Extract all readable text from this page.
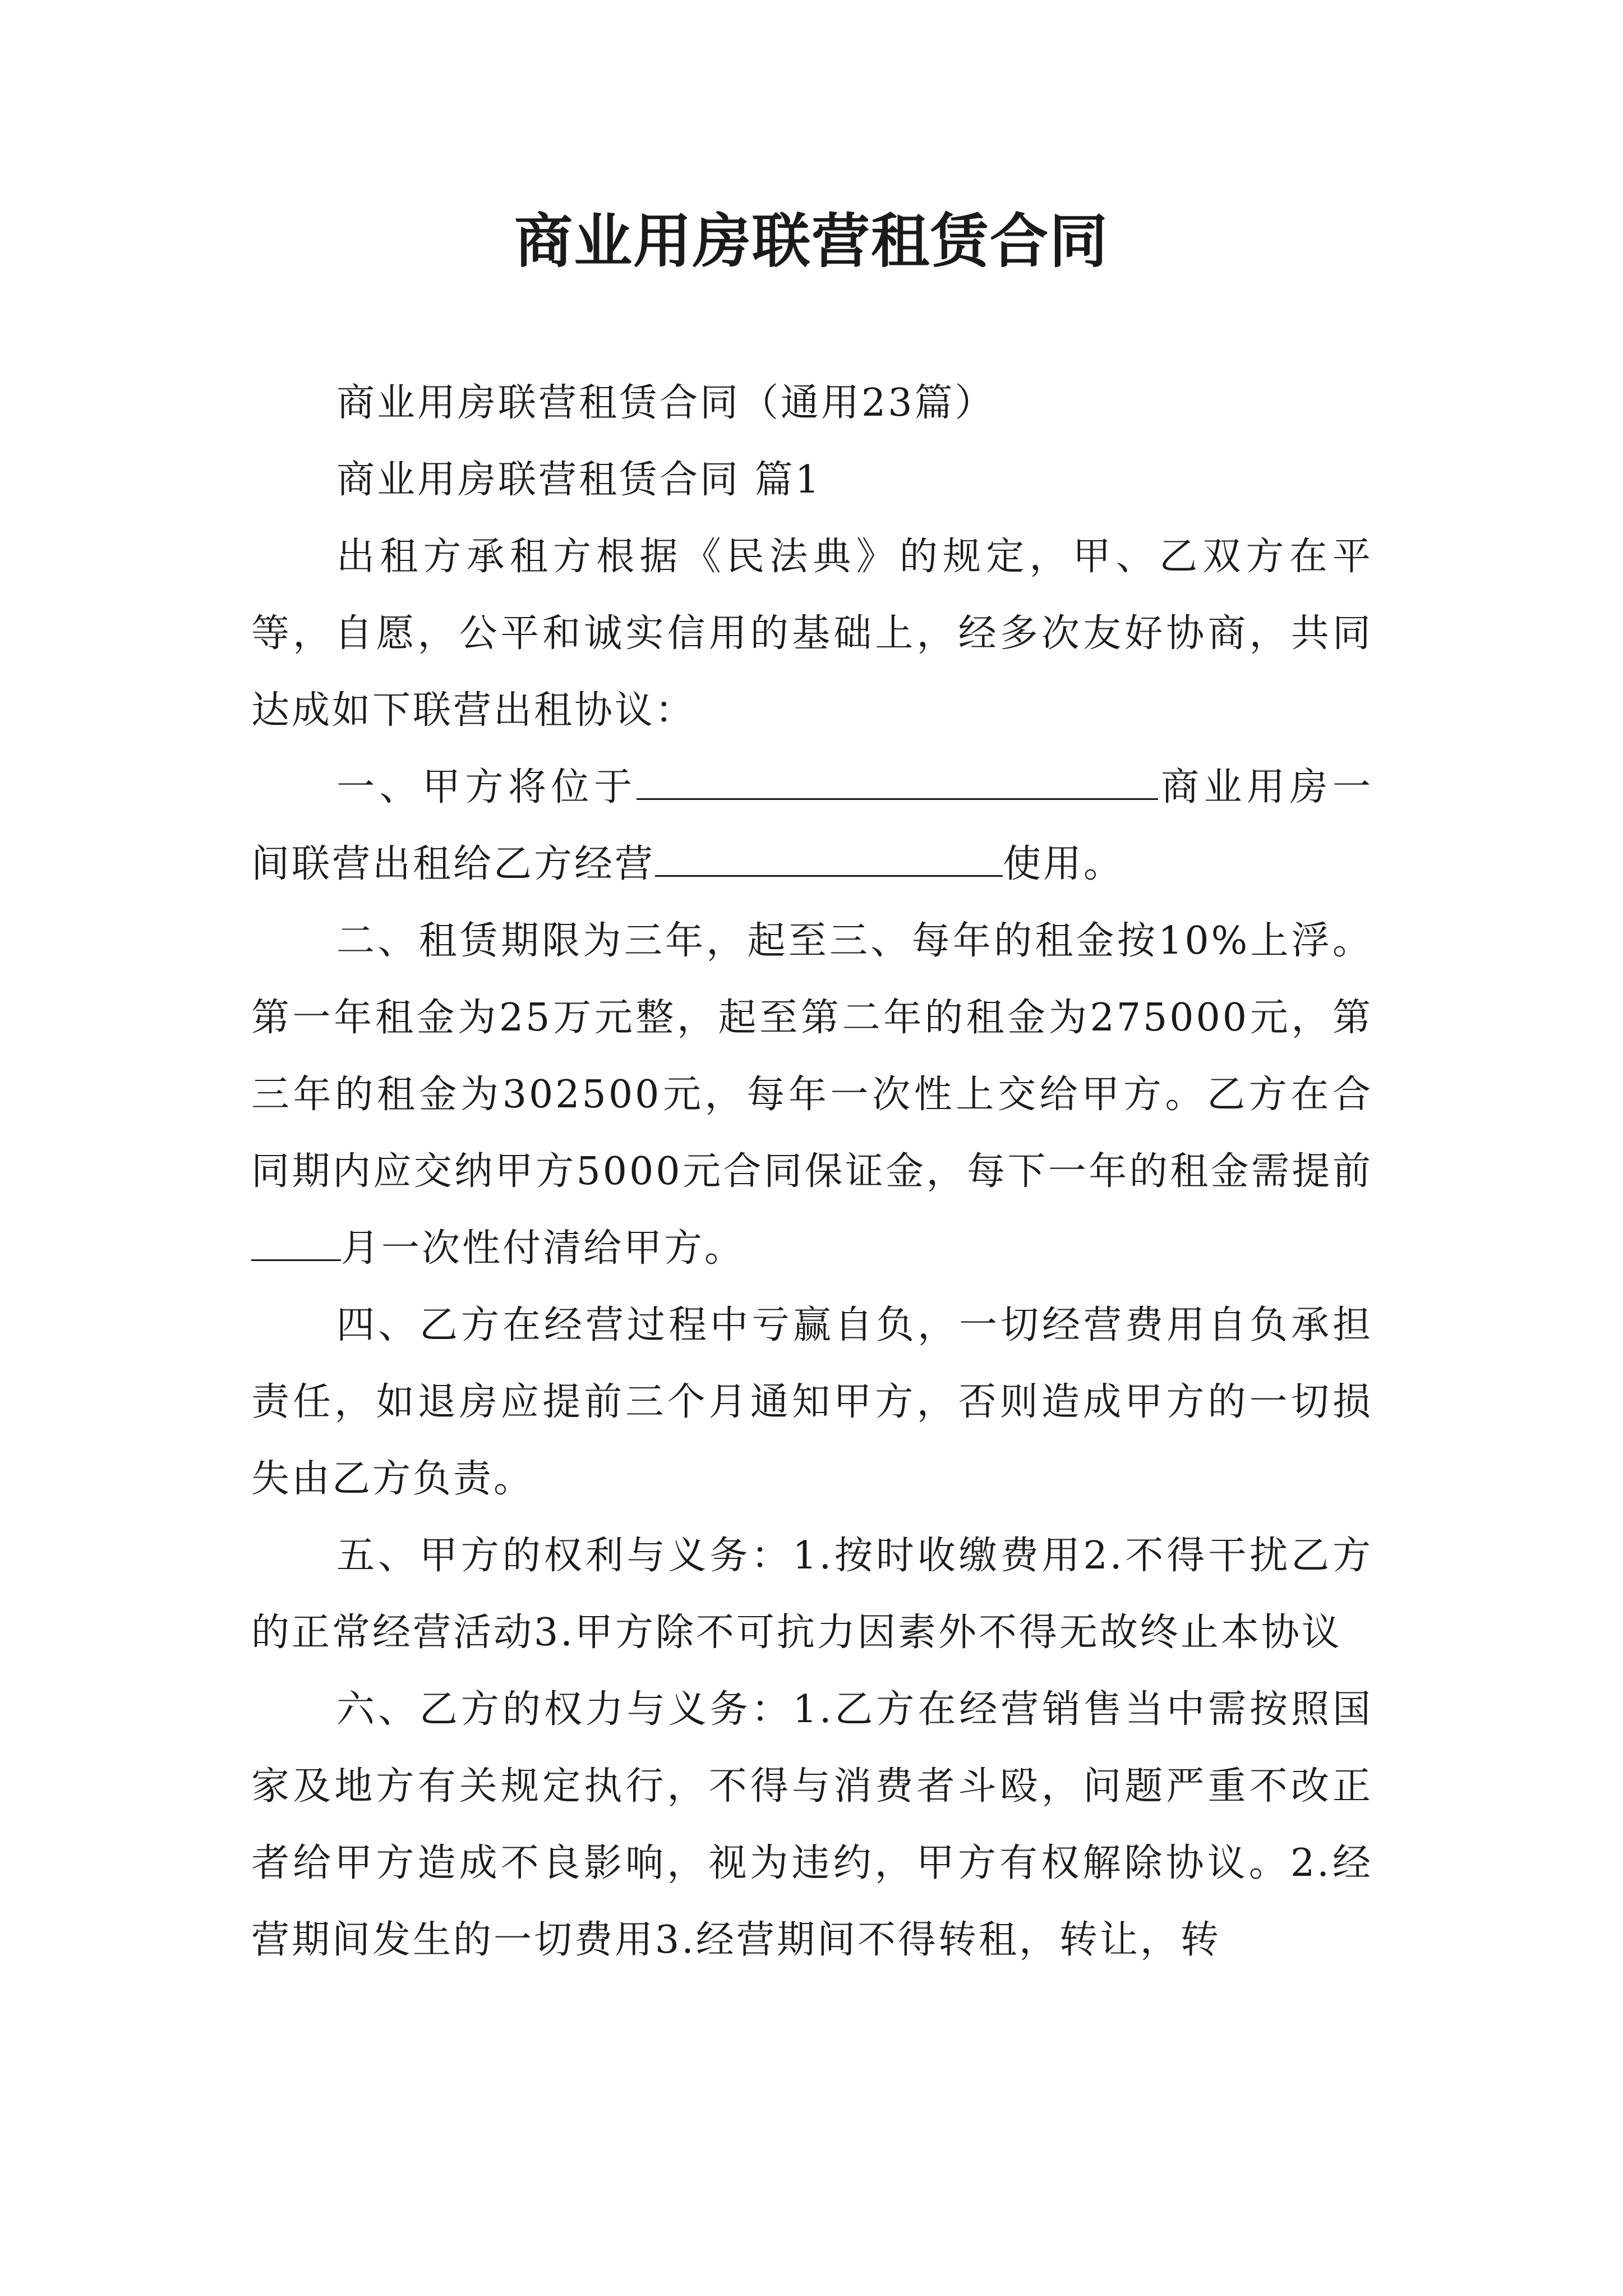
商业用房联营租赁合同

商业用房联营租赁合同（通用23篇）

商业用房联营租赁合同 篇1

出租方承租方根据《民法典》的规定，甲、乙双方在平等，自愿，公平和诚实信用的基础上，经多次友好协商，共同达成如下联营出租协议：

一、甲方将位于	商业用房一间联营出租给乙方经营	使用。

二、租赁期限为三年，起至三、每年的租金按10%上浮。第一年租金为25万元整，起至第二年的租金为275000元，第三年的租金为302500元，每年一次性上交给甲方。乙方在合同期内应交纳甲方5000元合同保证金，每下一年的租金需提前月一次性付清给甲方。

四、乙方在经营过程中亏赢自负，一切经营费用自负承担责任，如退房应提前三个月通知甲方，否则造成甲方的一切损失由乙方负责。

五、甲方的权利与义务：1.按时收缴费用2.不得干扰乙方的正常经营活动3.甲方除不可抗力因素外不得无故终止本协议

六、乙方的权力与义务：1.乙方在经营销售当中需按照国家及地方有关规定执行，不得与消费者斗殴，问题严重不改正者给甲方造成不良影响，视为违约，甲方有权解除协议。2.经营期间发生的一切费用3.经营期间不得转租，转让，转
